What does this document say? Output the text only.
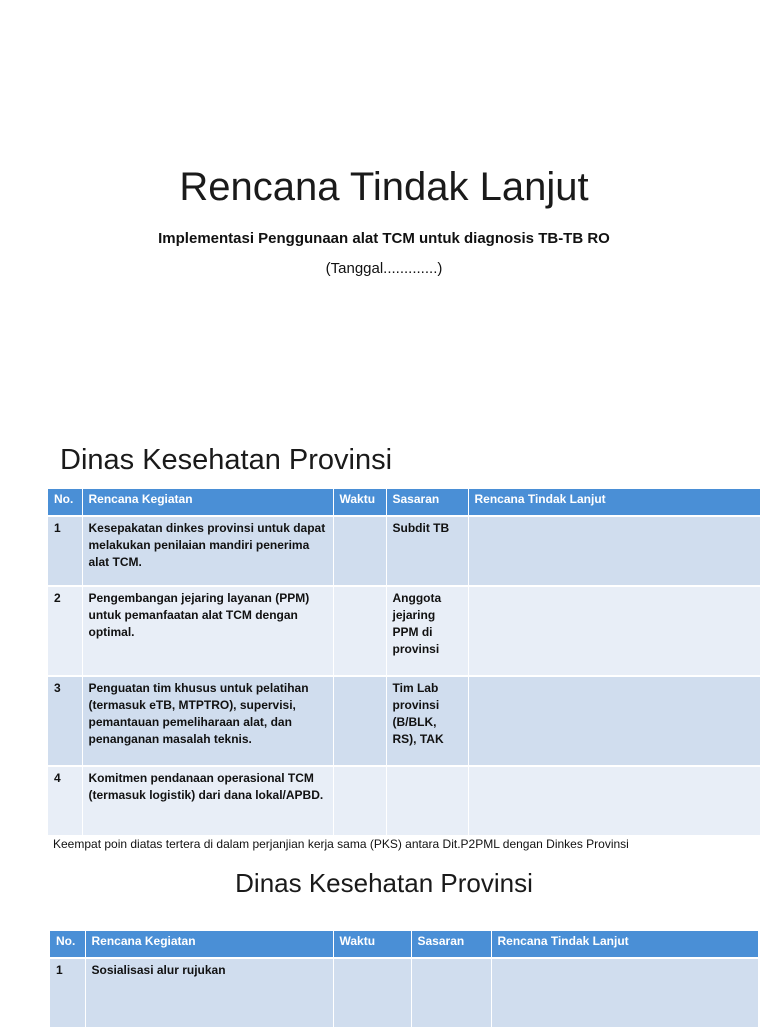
Rencana Tindak Lanjut
Implementasi Penggunaan alat TCM untuk diagnosis TB-TB RO
(Tanggal.............)
Dinas Kesehatan Provinsi
No.	Rencana Kegiatan	Waktu	Sasaran	Rencana Tindak Lanjut
1	Kesepakatan dinkes provinsi untuk dapat melakukan penilaian mandiri penerima alat TCM.		Subdit TB	
2	Pengembangan jejaring layanan (PPM) untuk pemanfaatan alat TCM dengan optimal.		Anggota jejaring PPM di provinsi	
3	Penguatan tim khusus untuk pelatihan (termasuk eTB, MTPTRO), supervisi, pemantauan pemeliharaan alat, dan penanganan masalah teknis.		Tim Lab provinsi (B/BLK, RS), TAK	
4	Komitmen pendanaan operasional TCM (termasuk logistik) dari dana lokal/APBD.			
Keempat poin diatas tertera di dalam perjanjian kerja sama (PKS) antara Dit.P2PML dengan Dinkes Provinsi
Dinas Kesehatan Provinsi
No.	Rencana Kegiatan	Waktu	Sasaran	Rencana Tindak Lanjut
1	Sosialisasi alur rujukan			
